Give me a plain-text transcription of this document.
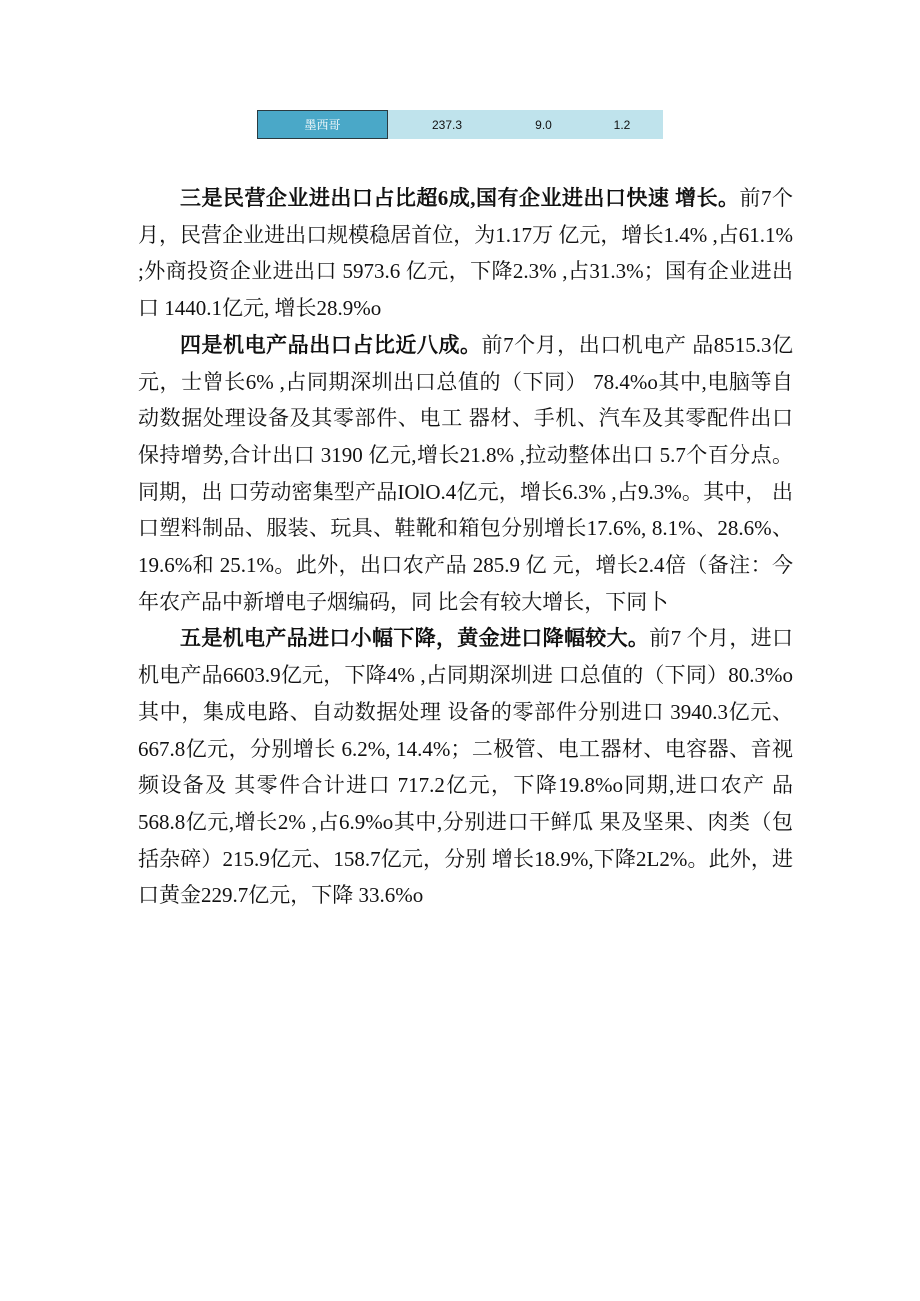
墨西哥	237.3	9.0	1.2

三是民营企业进出口占比超6成,国有企业进出口快速 增长。前7个月，民营企业进出口规模稳居首位，为1.17万 亿元，增长1.4% ,占61.1% ;外商投资企业进出口 5973.6 亿元，下降2.3% ,占31.3%；国有企业进出口 1440.1亿元, 增长28.9%o

四是机电产品出口占比近八成。前7个月，出口机电产 品8515.3亿元，士曾长6% ,占同期深圳出口总值的（下同） 78.4%o其中,电脑等自动数据处理设备及其零部件、电工 器材、手机、汽车及其零配件出口保持增势,合计出口 3190 亿元,增长21.8% ,拉动整体出口 5.7个百分点。同期，出 口劳动密集型产品IOlO.4亿元，增长6.3% ,占9.3%。其中， 出口塑料制品、服装、玩具、鞋靴和箱包分别增长17.6%, 8.1%、28.6%、19.6%和 25.1%。此外，出口农产品 285.9 亿 元，增长2.4倍（备注：今年农产品中新增电子烟编码，同 比会有较大增长，下同卜

五是机电产品进口小幅下降，黄金进口降幅较大。前7 个月，进口机电产品6603.9亿元，下降4% ,占同期深圳进 口总值的（下同）80.3%o其中，集成电路、自动数据处理 设备的零部件分别进口 3940.3亿元、667.8亿元，分别增长 6.2%, 14.4%；二极管、电工器材、电容器、音视频设备及 其零件合计进口 717.2亿元，下降19.8%o同期,进口农产 品568.8亿元,增长2% ,占6.9%o其中,分别进口干鲜瓜 果及坚果、肉类（包括杂碎）215.9亿元、158.7亿元，分别 增长18.9%,下降2L2%。此外，进口黄金229.7亿元，下降 33.6%o
